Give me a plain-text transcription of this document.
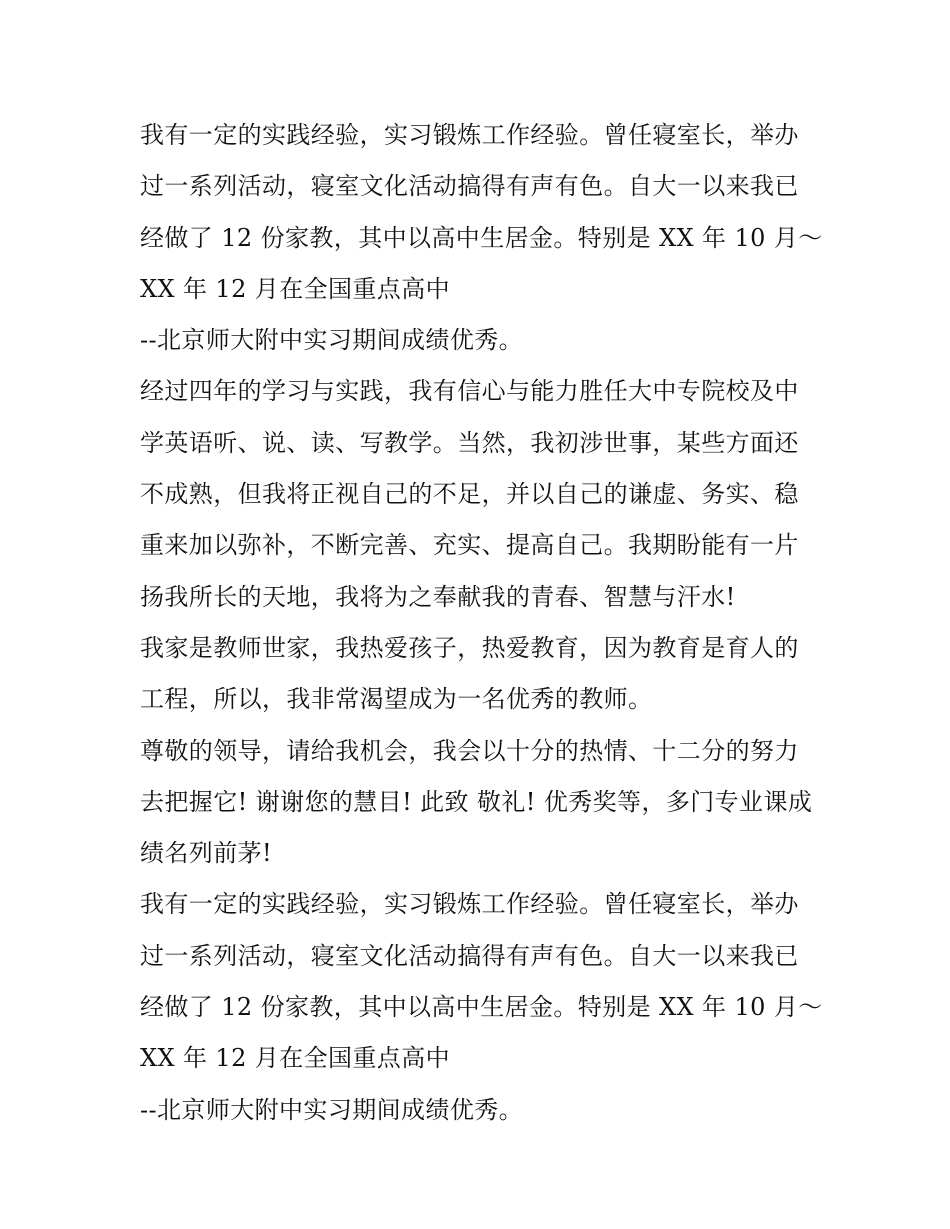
我有一定的实践经验，实习锻炼工作经验。曾任寝室长，举办
过一系列活动，寝室文化活动搞得有声有色。自大一以来我已
经做了 12 份家教，其中以高中生居金。特别是 XX 年 10 月～
XX 年 12 月在全国重点高中
--北京师大附中实习期间成绩优秀。
经过四年的学习与实践，我有信心与能力胜任大中专院校及中
学英语听、说、读、写教学。当然，我初涉世事，某些方面还
不成熟，但我将正视自己的不足，并以自己的谦虚、务实、稳
重来加以弥补，不断完善、充实、提高自己。我期盼能有一片
扬我所长的天地，我将为之奉献我的青春、智慧与汗水!
我家是教师世家，我热爱孩子，热爱教育，因为教育是育人的
工程，所以，我非常渴望成为一名优秀的教师。
尊敬的领导，请给我机会，我会以十分的热情、十二分的努力
去把握它! 谢谢您的慧目! 此致 敬礼! 优秀奖等，多门专业课成
绩名列前茅!
我有一定的实践经验，实习锻炼工作经验。曾任寝室长，举办
过一系列活动，寝室文化活动搞得有声有色。自大一以来我已
经做了 12 份家教，其中以高中生居金。特别是 XX 年 10 月～
XX 年 12 月在全国重点高中
--北京师大附中实习期间成绩优秀。
